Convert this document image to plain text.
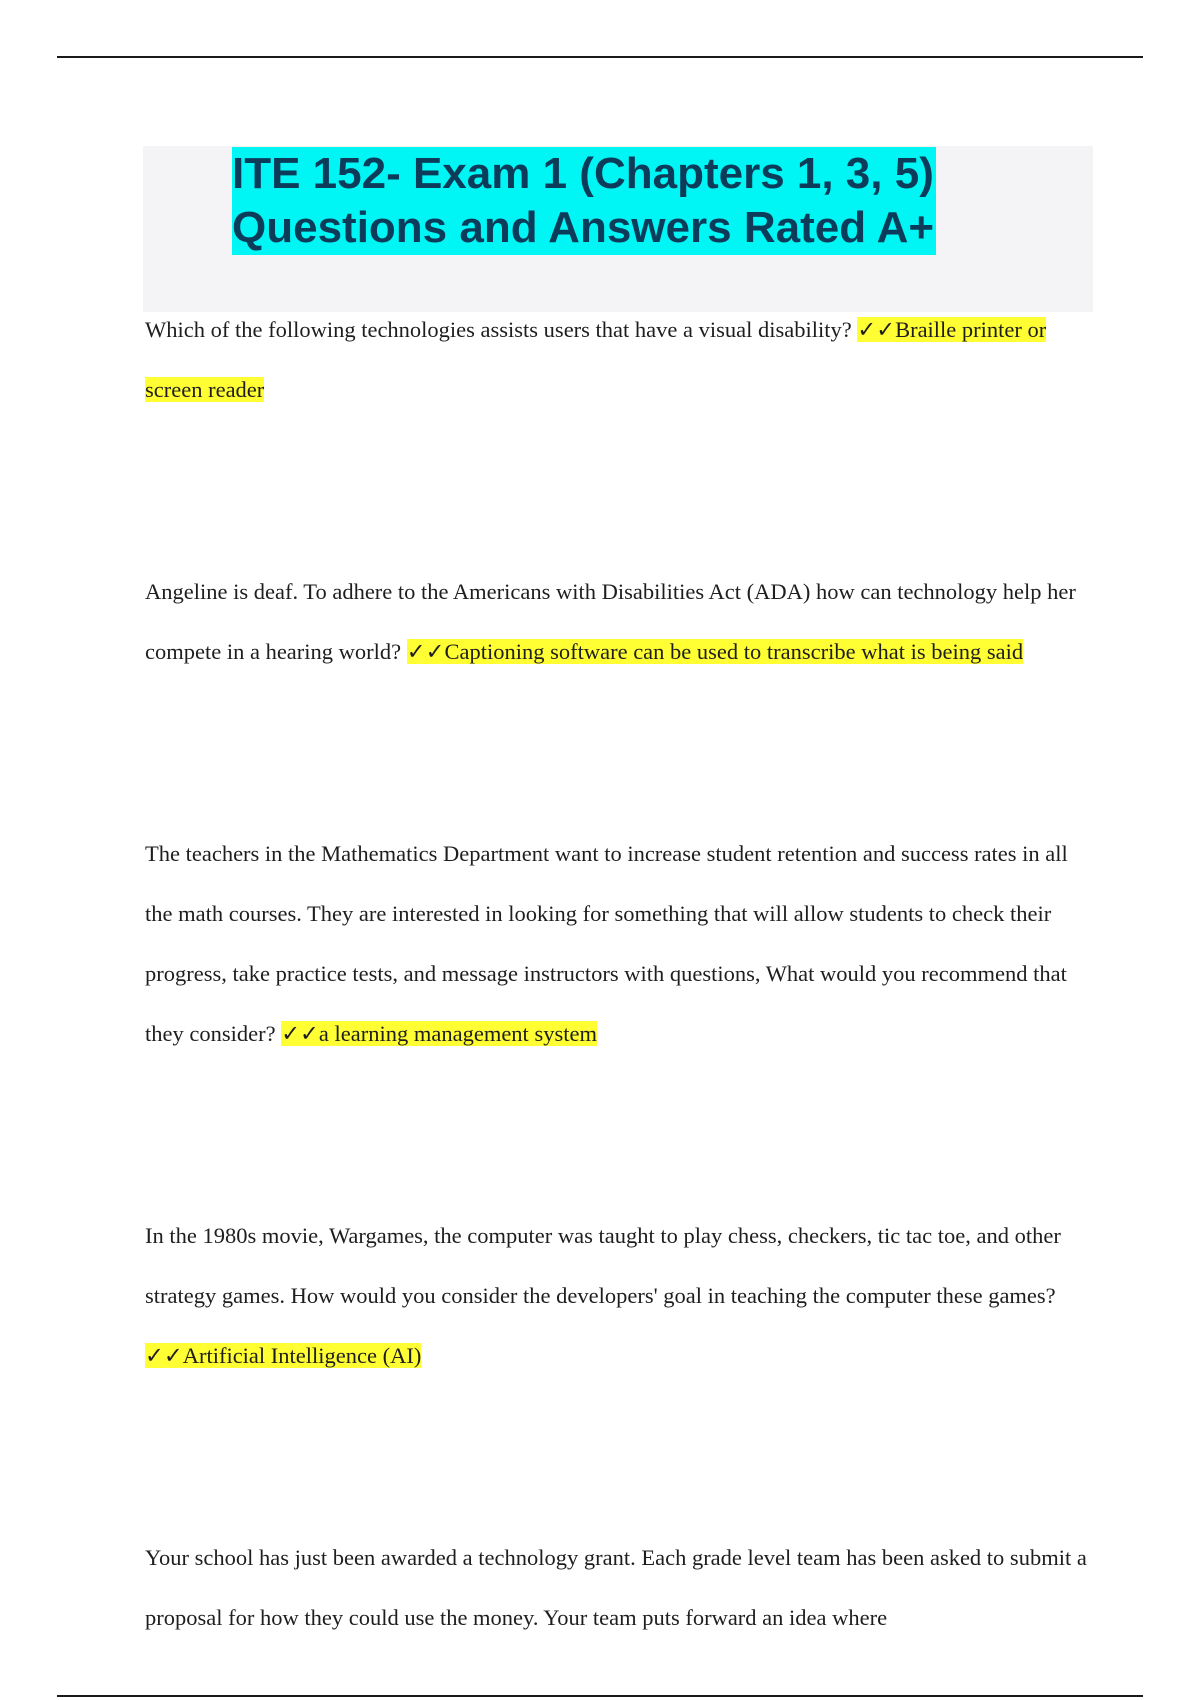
ITE 152- Exam 1 (Chapters 1, 3, 5)
Questions and Answers Rated A+

Which of the following technologies assists users that have a visual disability? ✓✓Braille printer or screen reader

Angeline is deaf. To adhere to the Americans with Disabilities Act (ADA) how can technology help her compete in a hearing world? ✓✓Captioning software can be used to transcribe what is being said

The teachers in the Mathematics Department want to increase student retention and success rates in all the math courses. They are interested in looking for something that will allow students to check their progress, take practice tests, and message instructors with questions, What would you recommend that they consider? ✓✓a learning management system

In the 1980s movie, Wargames, the computer was taught to play chess, checkers, tic tac toe, and other strategy games. How would you consider the developers' goal in teaching the computer these games? ✓✓Artificial Intelligence (AI)

Your school has just been awarded a technology grant. Each grade level team has been asked to submit a proposal for how they could use the money. Your team puts forward an idea where
